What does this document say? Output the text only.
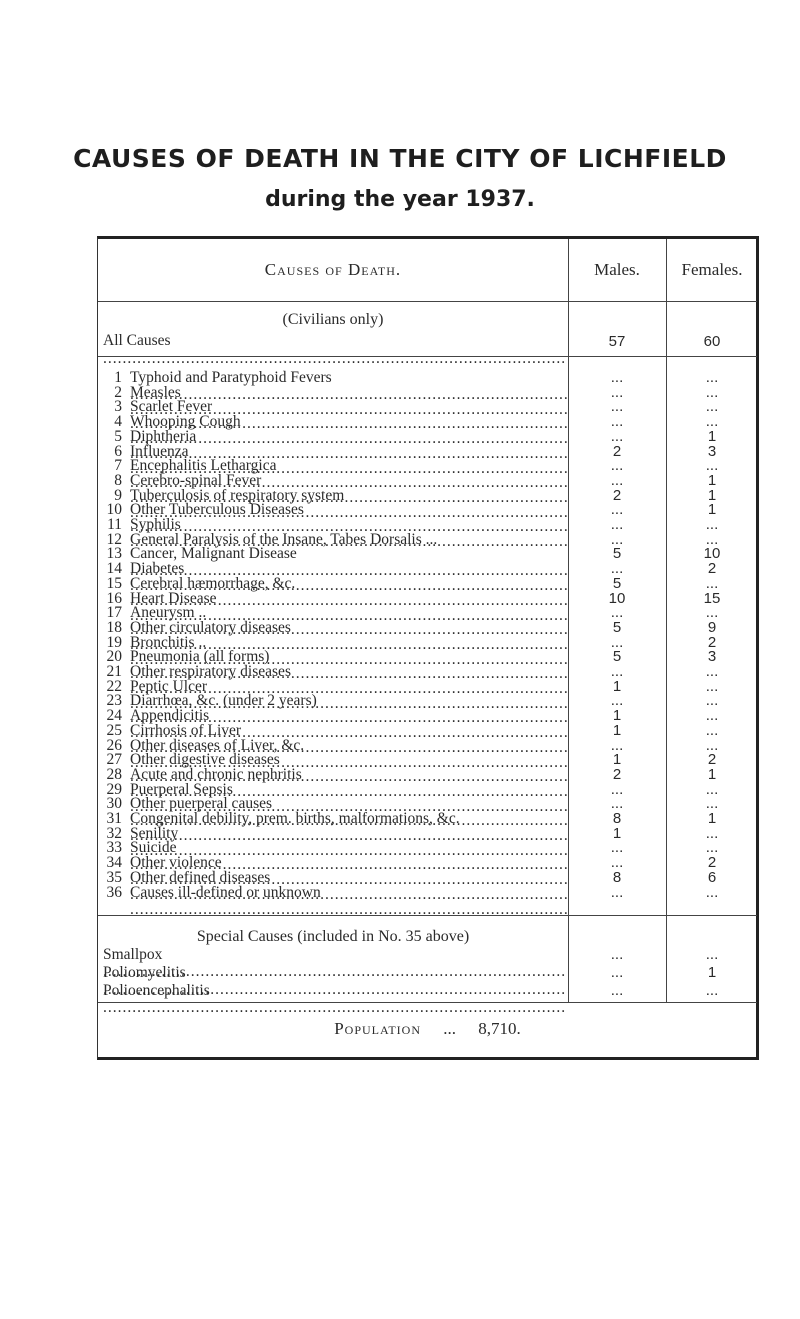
CAUSES OF DEATH IN THE CITY OF LICHFIELD
during the year 1937.
Causes of Death.	Males.	Females.
(Civilians only)
All Causes .....	57	60
1 Typhoid and Paratyphoid Fevers .....	...	...
2 Measles .....	...	...
3 Scarlet Fever .....	...	...
4 Whooping Cough .....	...	...
5 Diphtheria .....	...	1
6 Influenza .....	2	3
7 Encephalitis Lethargica .....	...	...
8 Cerebro-spinal Fever .....	...	1
9 Tuberculosis of respiratory system .....	2	1
10 Other Tuberculous Diseases .....	...	1
11 Syphilis .....	...	...
12 General Paralysis of the Insane, Tabes Dorsalis ...	...	...
13 Cancer, Malignant Disease .....	5	10
14 Diabetes .....	...	2
15 Cerebral hæmorrhage, &c. .....	5	...
16 Heart Disease .....	10	15
17 Aneurysm .. .....	...	...
18 Other circulatory diseases .....	5	9
19 Bronchitis .. .....	...	2
20 Pneumonia (all forms) .....	5	3
21 Other respiratory diseases .....	...	...
22 Peptic Ulcer .....	1	...
23 Diarrhœa, &c. (under 2 years) .....	...	...
24 Appendicitis .....	1	...
25 Cirrhosis of Liver .....	1	...
26 Other diseases of Liver, &c. .....	...	...
27 Other digestive diseases .....	1	2
28 Acute and chronic nephritis .....	2	1
29 Puerperal Sepsis .....	...	...
30 Other puerperal causes .....	...	...
31 Congenital debility, prem. births, malformations, &c. .....	8	1
32 Senility .....	1	...
33 Suicide .....	...	...
34 Other violence .....	...	2
35 Other defined diseases .....	8	6
36 Causes ill-defined or unknown .....	...	...
Special Causes (included in No. 35 above)
Smallpox .....	...	...
Poliomyelitis .....	...	1
Polioencephalitis .....	...	...
Population ... 8,710.
